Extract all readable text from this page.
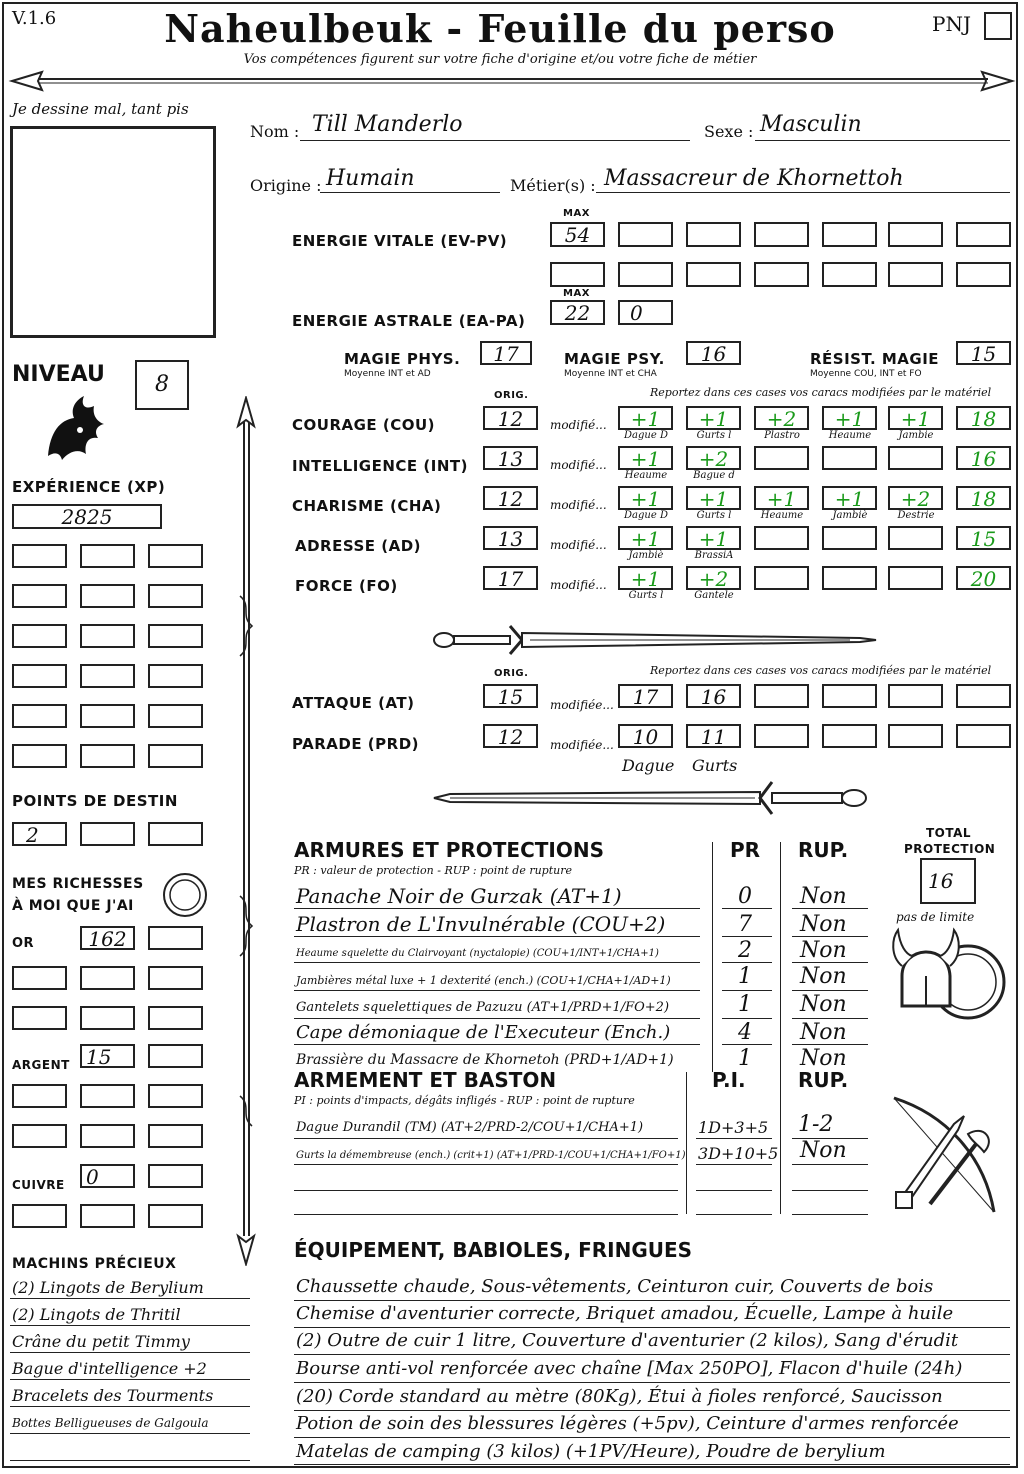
V.1.6	Naheulbeuk - Feuille du perso
Vos compétences figurent sur votre fiche d'origine et/ou votre fiche de métier
PNJ
Je dessine mal, tant pis
Nom : Till Manderlo	Sexe : Masculin
Origine : Humain	Métier(s) : Massacreur de Khornettoh
MAX
ENERGIE VITALE (EV-PV)	54
MAX
ENERGIE ASTRALE (EA-PA)	22	0
MAGIE PHYS.
Moyenne INT et AD
17	MAGIE PSY.
Moyenne INT et CHA
16	RÉSIST. MAGIE
Moyenne COU, INT et FO
15
NIVEAU	8
EXPÉRIENCE (XP)
2825
POINTS DE DESTIN
2
MES RICHESSES
À MOI QUE J'AI
OR	162
ARGENT 15
CUIVRE	0
MACHINS PRÉCIEUX
(2) Lingots de Berylium
(2) Lingots de Thritil
Crâne du petit Timmy
Bague d'intelligence +2
Bracelets des Tourments
Bottes Belligueuses de Galgoula
ORIG.	Reportez dans ces cases vos caracs modifiées par le matériel
COURAGE (COU)	12	modifié...	+1	+1	+2	+1	+1	18
Dague D	Gurts l	Plastro	Heaume	Jambie
INTELLIGENCE (INT)	13	modifié...	+1	+2	16
Heaume	Bague d
CHARISME (CHA)	12	modifié...	+1	+1	+1	+1	+2	18
Dague D	Gurts l	Heaume	Jambiè	Destrie
ADRESSE (AD)	13	modifié...	+1	+1	15
Jambiè	BrassiA
FORCE (FO)	17	modifié...	+1	+2	20
Gurts l	Gantele
ORIG.	Reportez dans ces cases vos caracs modifiées par le matériel
ATTAQUE (AT)	15	modifiée... 17	16
PARADE (PRD)	12	modifiée... 10	11
Dague Gurts
ARMURES ET PROTECTIONS
PR : valeur de protection - RUP : point de rupture
PR RUP.
TOTAL
PROTECTION
16
pas de limite
Panache Noir de Gurzak (AT+1)	0 Non
Plastron de L'Invulnérable (COU+2)	7 Non
Heaume squelette du Clairvoyant (nyctalopie) (COU+1/INT+1/CHA+1)	2 Non
Jambières métal luxe + 1 dexterité (ench.) (COU+1/CHA+1/AD+1)	1 Non
Gantelets squelettiques de Pazuzu (AT+1/PRD+1/FO+2)	1 Non
Cape démoniaque de l'Executeur (Ench.)	4 Non
Brassière du Massacre de Khornetoh (PRD+1/AD+1)	1 Non
ARMEMENT ET BASTON
PI : points d'impacts, dégâts infligés - RUP : point de rupture
P.I.	RUP.
Dague Durandil (TM) (AT+2/PRD-2/COU+1/CHA+1)	1D+3+5 1-2
Gurts la démembreuse (ench.) (crit+1) (AT+1/PRD-1/COU+1/CHA+1/FO+1) 3D+10+5 Non
ÉQUIPEMENT, BABIOLES, FRINGUES
Chaussette chaude, Sous-vêtements, Ceinturon cuir, Couverts de bois
Chemise d'aventurier correcte, Briquet amadou, Écuelle, Lampe à huile
(2) Outre de cuir 1 litre, Couverture d'aventurier (2 kilos), Sang d'érudit
Bourse anti-vol renforcée avec chaîne [Max 250PO], Flacon d'huile (24h)
(20) Corde standard au mètre (80Kg), Étui à fioles renforcé, Saucisson
Potion de soin des blessures légères (+5pv), Ceinture d'armes renforcée
Matelas de camping (3 kilos) (+1PV/Heure), Poudre de berylium
